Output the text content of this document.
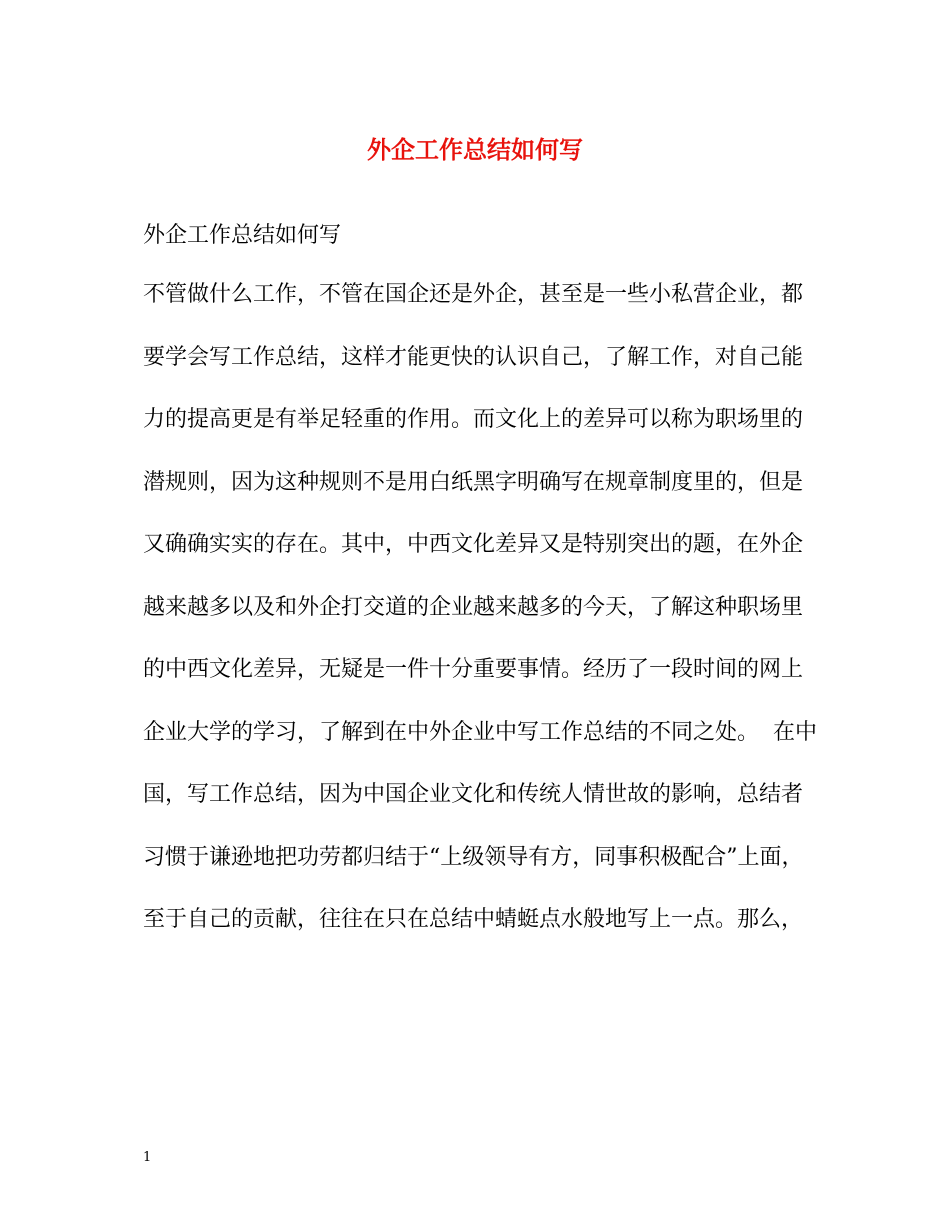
外企工作总结如何写

外企工作总结如何写

不管做什么工作，不管在国企还是外企，甚至是一些小私营企业，都
要学会写工作总结，这样才能更快的认识自己，了解工作，对自己能
力的提高更是有举足轻重的作用。而文化上的差异可以称为职场里的
潜规则，因为这种规则不是用白纸黑字明确写在规章制度里的，但是
又确确实实的存在。其中，中西文化差异又是特别突出的题，在外企
越来越多以及和外企打交道的企业越来越多的今天，了解这种职场里
的中西文化差异，无疑是一件十分重要事情。经历了一段时间的网上
企业大学的学习，了解到在中外企业中写工作总结的不同之处。  在中
国，写工作总结，因为中国企业文化和传统人情世故的影响，总结者
习惯于谦逊地把功劳都归结于“上级领导有方，同事积极配合”上面，
至于自己的贡献，往往在只在总结中蜻蜓点水般地写上一点。那么，
1
